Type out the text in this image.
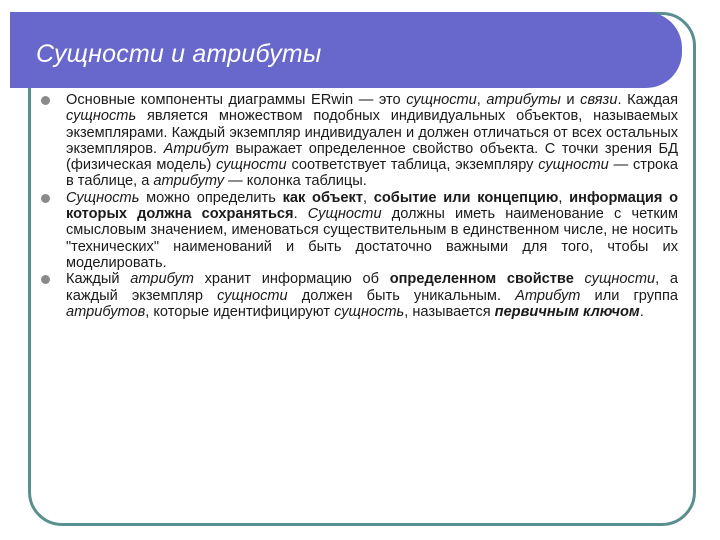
Сущности и атрибуты
Основные компоненты диаграммы ERwin — это сущности, атрибуты и связи. Каждая сущность является множеством подобных индивидуальных объектов, называемых экземплярами. Каждый экземпляр индивидуален и должен отличаться от всех остальных экземпляров. Атрибут выражает определенное свойство объекта. С точки зрения БД (физическая модель) сущности соответствует таблица, экземпляру сущности — строка в таблице, а атрибуту — колонка таблицы.
Сущность можно определить как объект, событие или концепцию, информация о которых должна сохраняться. Сущности должны иметь наименование с четким смысловым значением, именоваться существительным в единственном числе, не носить "технических" наименований и быть достаточно важными для того, чтобы их моделировать.
Каждый атрибут хранит информацию об определенном свойстве сущности, а каждый экземпляр сущности должен быть уникальным. Атрибут или группа атрибутов, которые идентифицируют сущность, называется первичным ключом.
